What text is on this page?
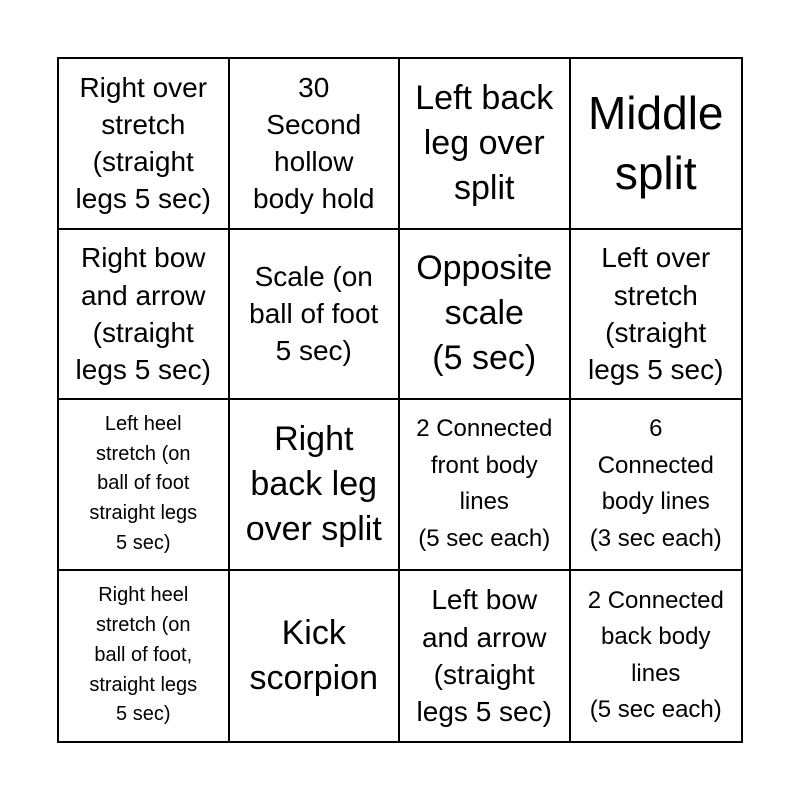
Right over
stretch
(straight
legs 5 sec)
30
Second
hollow
body hold
Left back
leg over
split
Middle
split
Right bow
and arrow
(straight
legs 5 sec)
Scale (on
ball of foot
5 sec)
Opposite
scale
(5 sec)
Left over
stretch
(straight
legs 5 sec)
Left heel
stretch (on
ball of foot
straight legs
5 sec)
Right
back leg
over split
2 Connected
front body
lines
(5 sec each)
6
Connected
body lines
(3 sec each)
Right heel
stretch (on
ball of foot,
straight legs
5 sec)
Kick
scorpion
Left bow
and arrow
(straight
legs 5 sec)
2 Connected
back body
lines
(5 sec each)
